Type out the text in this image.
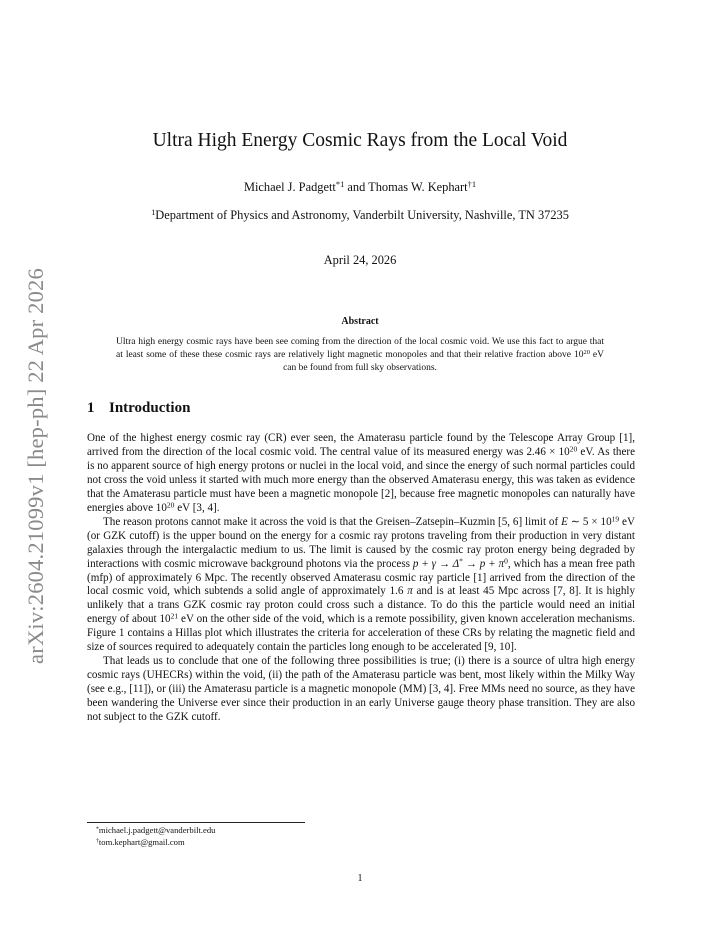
arXiv:2604.21099v1 [hep-ph] 22 Apr 2026
Ultra High Energy Cosmic Rays from the Local Void
Michael J. Padgett$^{*1}$ and Thomas W. Kephart$^{\dagger 1}$
$^1$Department of Physics and Astronomy, Vanderbilt University, Nashville, TN 37235
April 24, 2026
Abstract
Ultra high energy cosmic rays have been see coming from the direction of the local cosmic void. We use this fact to argue that at least some of these these cosmic rays are relatively light magnetic monopoles and that their relative fraction above $10^{20}$ eV can be found from full sky observations.
1 Introduction

One of the highest energy cosmic ray (CR) ever seen, the Amaterasu particle found by the Telescope Array Group [1], arrived from the direction of the local cosmic void. The central value of its measured energy was $2.46 \times 10^{20}$ eV. As there is no apparent source of high energy protons or nuclei in the local void, and since the energy of such normal particles could not cross the void unless it started with much more energy than the observed Amaterasu energy, this was taken as evidence that the Amaterasu particle must have been a magnetic monopole [2], because free magnetic monopoles can naturally have energies above $10^{20}$ eV [3, 4].

The reason protons cannot make it across the void is that the Greisen–Zatsepin–Kuzmin [5, 6] limit of E ∼ $5 \times 10^{19}$ eV (or GZK cutoff) is the upper bound on the energy for a cosmic ray protons traveling from their production in very distant galaxies through the intergalactic medium to us. The limit is caused by the cosmic ray proton energy being degraded by interactions with cosmic microwave background photons via the process $p + \gamma \to \Delta^* \to p + \pi^0$, which has a mean free path (mfp) of approximately 6 Mpc. The recently observed Amaterasu cosmic ray particle [1] arrived from the direction of the local cosmic void, which subtends a solid angle of approximately 1.6 π and is at least 45 Mpc across [7, 8]. It is highly unlikely that a trans GZK cosmic ray proton could cross such a distance. To do this the particle would need an initial energy of about $10^{21}$ eV on the other side of the void, which is a remote possibility, given known acceleration mechanisms. Figure 1 contains a Hillas plot which illustrates the criteria for acceleration of these CRs by relating the magnetic field and size of sources required to adequately contain the particles long enough to be accelerated [9, 10].

That leads us to conclude that one of the following three possibilities is true; (i) there is a source of ultra high energy cosmic rays (UHECRs) within the void, (ii) the path of the Amaterasu particle was bent, most likely within the Milky Way (see e.g., [11]), or (iii) the Amaterasu particle is a magnetic monopole (MM) [3, 4]. Free MMs need no source, as they have been wandering the Universe ever since their production in an early Universe gauge theory phase transition. They are also not subject to the GZK cutoff.

*michael.j.padgett@vanderbilt.edu
†tom.kephart@gmail.com
1
